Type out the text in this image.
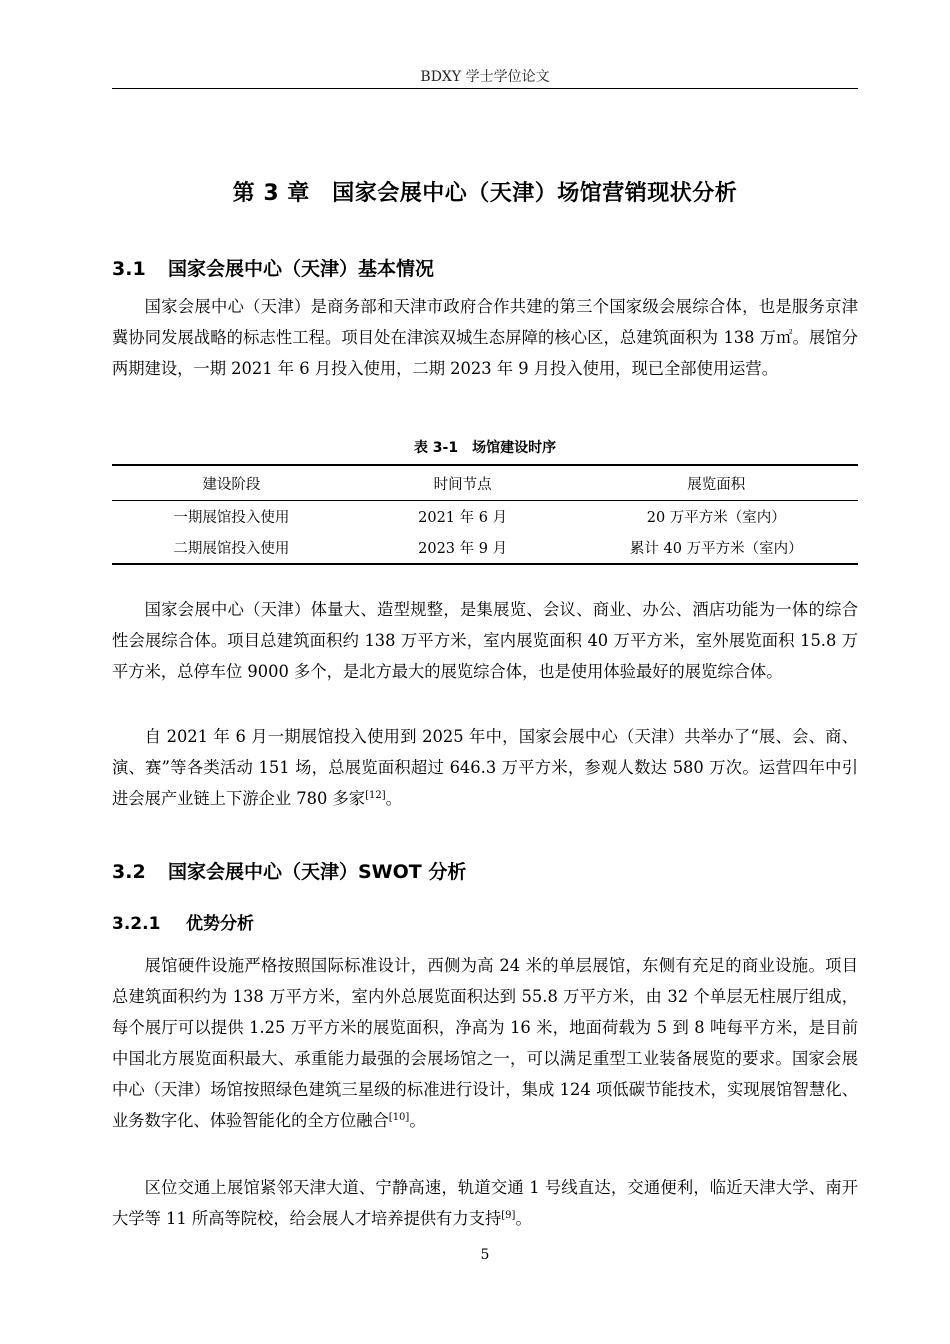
BDXY 学士学位论文
第 3 章　国家会展中心（天津）场馆营销现状分析
3.1 国家会展中心（天津）基本情况

国家会展中心（天津）是商务部和天津市政府合作共建的第三个国家级会展综合体，也是服务京津冀协同发展战略的标志性工程。项目处在津滨双城生态屏障的核心区，总建筑面积为 138 万㎡。展馆分两期建设，一期 2021 年 6 月投入使用，二期 2023 年 9 月投入使用，现已全部使用运营。

表 3-1　场馆建设时序
建设阶段	时间节点	展览面积
一期展馆投入使用	2021 年 6 月	20 万平方米（室内）
二期展馆投入使用	2023 年 9 月	累计 40 万平方米（室内）

国家会展中心（天津）体量大、造型规整，是集展览、会议、商业、办公、酒店功能为一体的综合性会展综合体。项目总建筑面积约 138 万平方米，室内展览面积 40 万平方米，室外展览面积 15.8 万平方米，总停车位 9000 多个，是北方最大的展览综合体，也是使用体验最好的展览综合体。

自 2021 年 6 月一期展馆投入使用到 2025 年中，国家会展中心（天津）共举办了“展、会、商、演、赛”等各类活动 151 场，总展览面积超过 646.3 万平方米，参观人数达 580 万次。运营四年中引进会展产业链上下游企业 780 多家[12]。

3.2 国家会展中心（天津）SWOT 分析
3.2.1 优势分析

展馆硬件设施严格按照国际标准设计，西侧为高 24 米的单层展馆，东侧有充足的商业设施。项目总建筑面积约为 138 万平方米，室内外总展览面积达到 55.8 万平方米，由 32 个单层无柱展厅组成，每个展厅可以提供 1.25 万平方米的展览面积，净高为 16 米，地面荷载为 5 到 8 吨每平方米，是目前中国北方展览面积最大、承重能力最强的会展场馆之一，可以满足重型工业装备展览的要求。国家会展中心（天津）场馆按照绿色建筑三星级的标准进行设计，集成 124 项低碳节能技术，实现展馆智慧化、业务数字化、体验智能化的全方位融合[10]。

区位交通上展馆紧邻天津大道、宁静高速，轨道交通 1 号线直达，交通便利，临近天津大学、南开大学等 11 所高等院校，给会展人才培养提供有力支持[9]。

5
